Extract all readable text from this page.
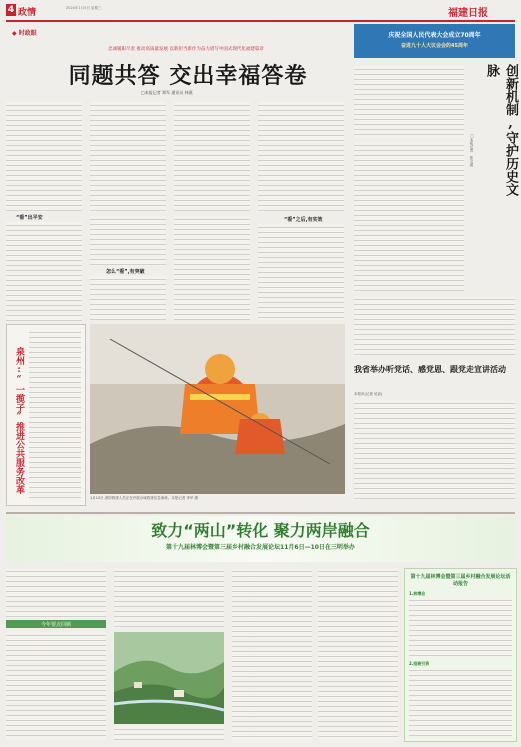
4 政情	2024年1月5日 星期三	福建日报
◆ 时政眼
忠诚履职尽责 推动高质量发展 以新担当新作为奋力谱写中国式现代化福建篇章
同题共答 交出幸福答卷
□本报记者 郑军 通讯员 林燕
“看”出平安
怎么“看”,有突破
“看”之后,有实效
泉州:“一揽子”推进公共服务改革
1月12日,消防救援人员正在开展水域救援应急演练。本报记者 李华 摄
庆祝全国人民代表大会成立70周年
奋进九十人大议会会的45周年
创新机制,守护历史文脉
□本报记者 张文睿
我省举办听党话、感党恩、跟党走宣讲活动
本报讯(记者 吴宸)
致力“两山”转化 聚力两岸融合
第十九届林博会暨第三届乡村融合发展论坛11月6日—10日在三明举办
今年要点回顾
第十九届林博会暨第三届乡村融合发展论坛活动报告
1.林博会
2.招商引资
